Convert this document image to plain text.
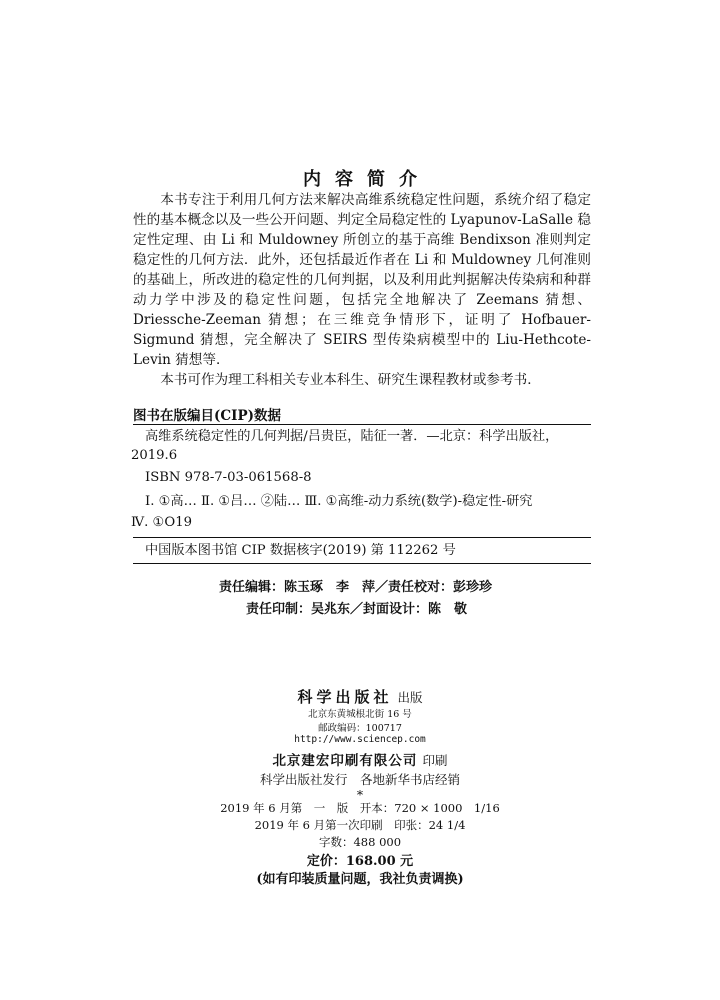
内容简介

本书专注于利用几何方法来解决高维系统稳定性问题，系统介绍了稳定性的基本概念以及一些公开问题、判定全局稳定性的 Lyapunov-LaSalle 稳定性定理、由 Li 和 Muldowney 所创立的基于高维 Bendixson 准则判定稳定性的几何方法．此外，还包括最近作者在 Li 和 Muldowney 几何准则的基础上，所改进的稳定性的几何判据，以及利用此判据解决传染病和种群动力学中涉及的稳定性问题，包括完全地解决了 Zeemans 猜想、Driessche-Zeeman 猜想；在三维竞争情形下，证明了 Hofbauer-Sigmund 猜想，完全解决了 SEIRS 型传染病模型中的 Liu-Hethcote-Levin 猜想等．

本书可作为理工科相关专业本科生、研究生课程教材或参考书．

图书在版编目(CIP)数据
高维系统稳定性的几何判据/吕贵臣，陆征一著．—北京：科学出版社，
2019.6
ISBN 978-7-03-061568-8
Ⅰ. ①高… Ⅱ. ①吕… ②陆… Ⅲ. ①高维-动力系统(数学)-稳定性-研究
Ⅳ. ①O19
中国版本图书馆 CIP 数据核字(2019) 第 112262 号
责任编辑：陈玉琢　李　萍／责任校对：彭珍珍
责任印制：吴兆东／封面设计：陈　敬
科学出版社 出版
北京东黄城根北街 16 号
邮政编码：100717
http://www.sciencep.com
北京建宏印刷有限公司 印刷
科学出版社发行　各地新华书店经销
*
2019 年 6 月第　一　版　开本：720 × 1000　1/16
2019 年 6 月第一次印刷　印张：24 1/4
字数：488 000
定价：168.00 元
(如有印装质量问题，我社负责调换)
